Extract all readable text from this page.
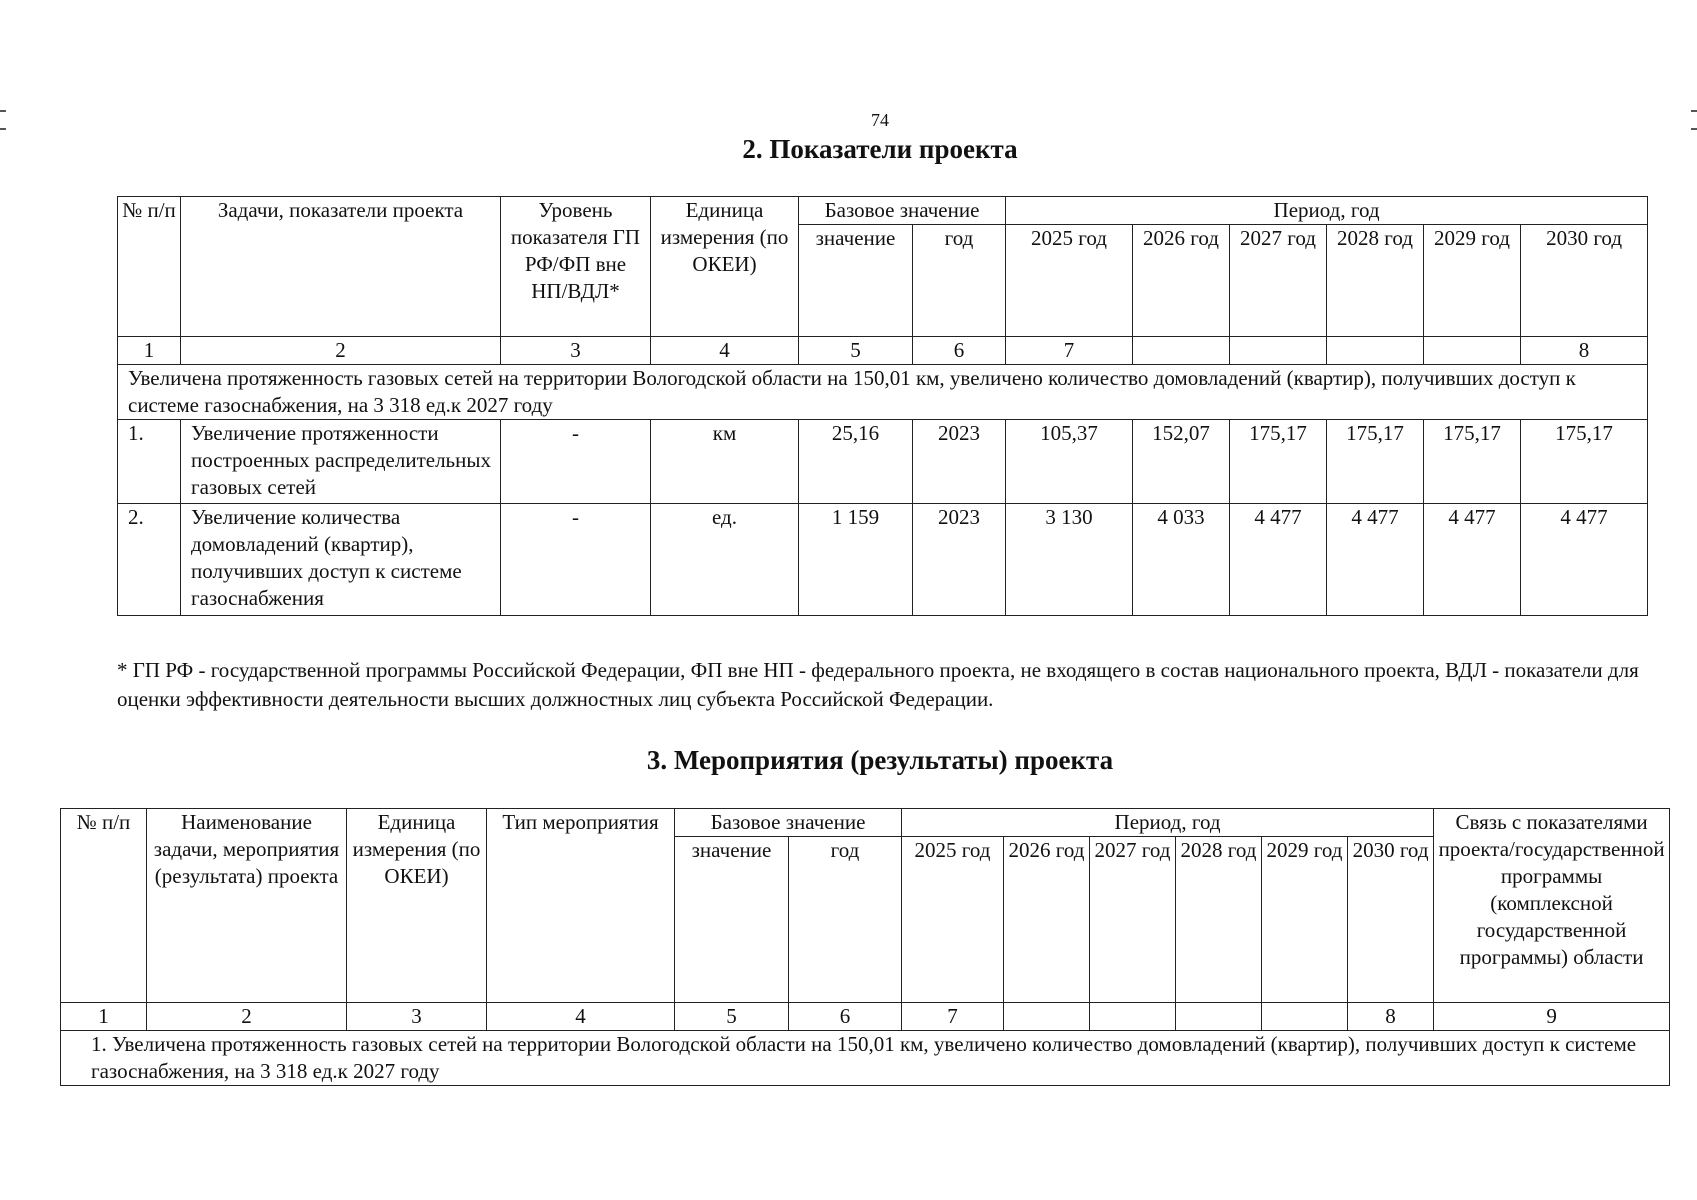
74
2. Показатели проекта
№ п/п	Задачи, показатели проекта	Уровень показателя ГП РФ/ФП вне НП/ВДЛ*	Единица измерения (по ОКЕИ)	Базовое значение		Период, год					
				значение	год	2025 год	2026 год	2027 год	2028 год	2029 год	2030 год
1	2	3	4	5	6	7					8
Увеличена протяженность газовых сетей на территории Вологодской области на 150,01 км, увеличено количество домовладений (квартир), получивших доступ к системе газоснабжения, на 3 318 ед.к 2027 году											
1.	Увеличение протяженности построенных распределительных газовых сетей	-	км	25,16	2023	105,37	152,07	175,17	175,17	175,17	175,17
2.	Увеличение количества домовладений (квартир), получивших доступ к системе газоснабжения	-	ед.	1 159	2023	3 130	4 033	4 477	4 477	4 477	4 477
* ГП РФ - государственной программы Российской Федерации, ФП вне НП - федерального проекта, не входящего в состав национального проекта, ВДЛ - показатели для оценки эффективности деятельности высших должностных лиц субъекта Российской Федерации.
3. Мероприятия (результаты) проекта
№ п/п	Наименование задачи, мероприятия (результата) проекта	Единица измерения (по ОКЕИ)	Тип мероприятия	Базовое значение		Период, год						Связь с показателями проекта/государственной программы (комплексной государственной программы) области
				значение	год	2025 год	2026 год	2027 год	2028 год	2029 год	2030 год	
1	2	3	4	5	6	7					8	9
1. Увеличена протяженность газовых сетей на территории Вологодской области на 150,01 км, увеличено количество домовладений (квартир), получивших доступ к системе газоснабжения, на 3 318 ед.к 2027 году												
